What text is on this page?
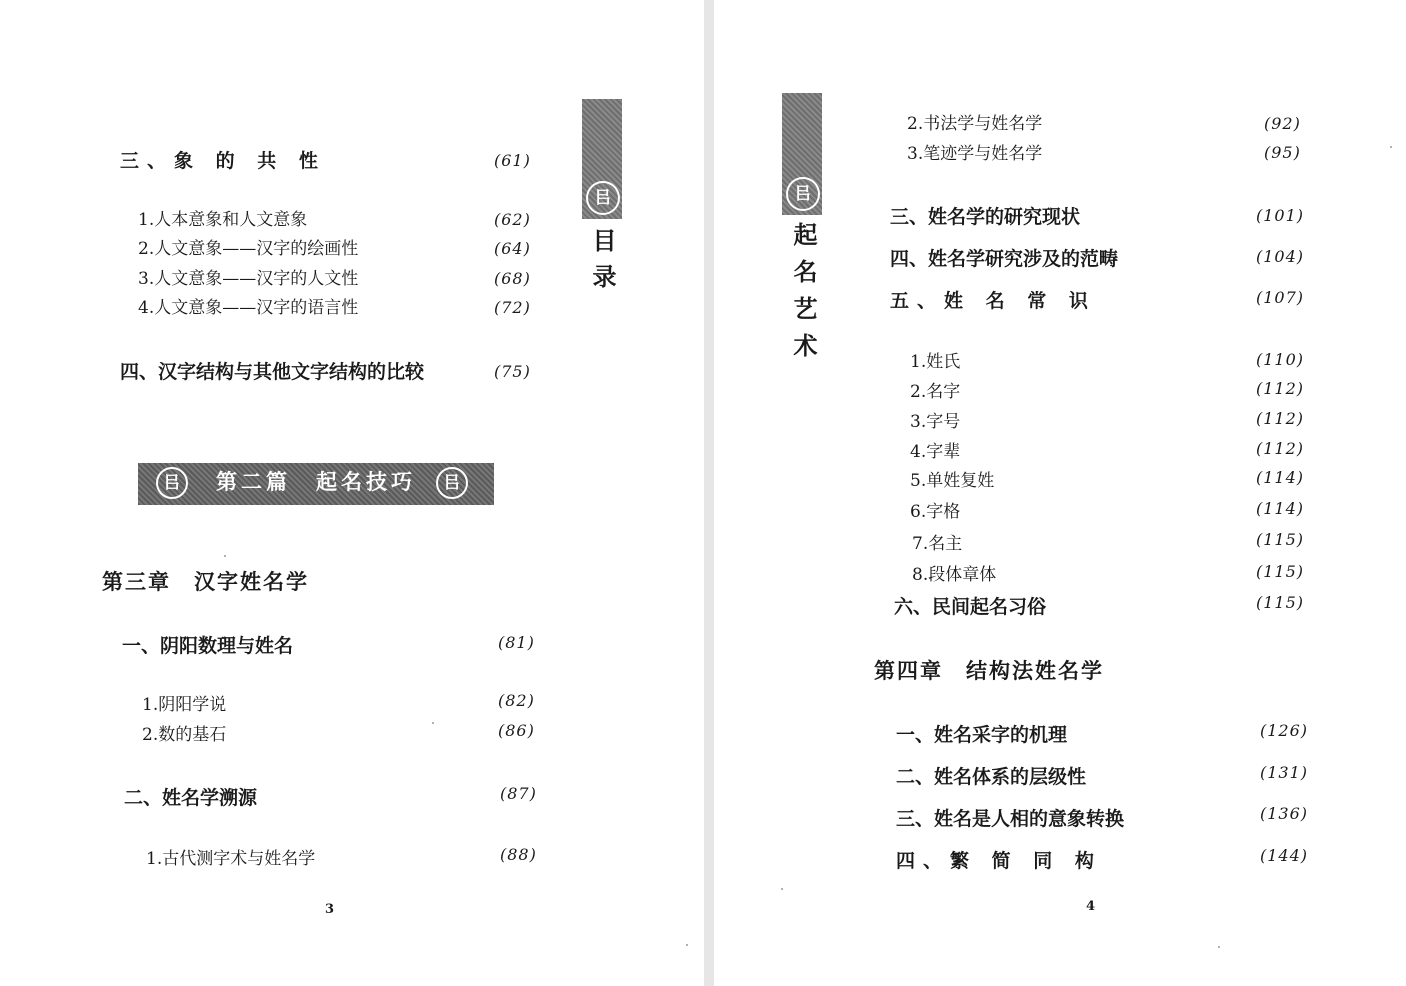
㠯
目录
三、象 的 共 性	(61)
1.人本意象和人文意象	(62)
2.人文意象——汉字的绘画性	(64)
3.人文意象——汉字的人文性	(68)
4.人文意象——汉字的语言性	(72)
四、汉字结构与其他文字结构的比较	(75)
㠯 第二篇　起名技巧 㠯
第三章　汉字姓名学
一、阴阳数理与姓名	(81)
1.阴阳学说	(82)
2.数的基石	(86)
二、姓名学溯源	(87)
1.古代测字术与姓名学	(88)
3
㠯
起名艺术
2.书法学与姓名学	(92)
3.笔迹学与姓名学	(95)
三、姓名学的研究现状	(101)
四、姓名学研究涉及的范畴	(104)
五、姓 名 常 识	(107)
1.姓氏	(110)
2.名字	(112)
3.字号	(112)
4.字辈	(112)
5.单姓复姓	(114)
6.字格	(114)
7.名主	(115)
8.段体章体	(115)
六、民间起名习俗	(115)
第四章　结构法姓名学
一、姓名采字的机理	(126)
二、姓名体系的层级性	(131)
三、姓名是人相的意象转换	(136)
四、繁 简 同 构	(144)
4
